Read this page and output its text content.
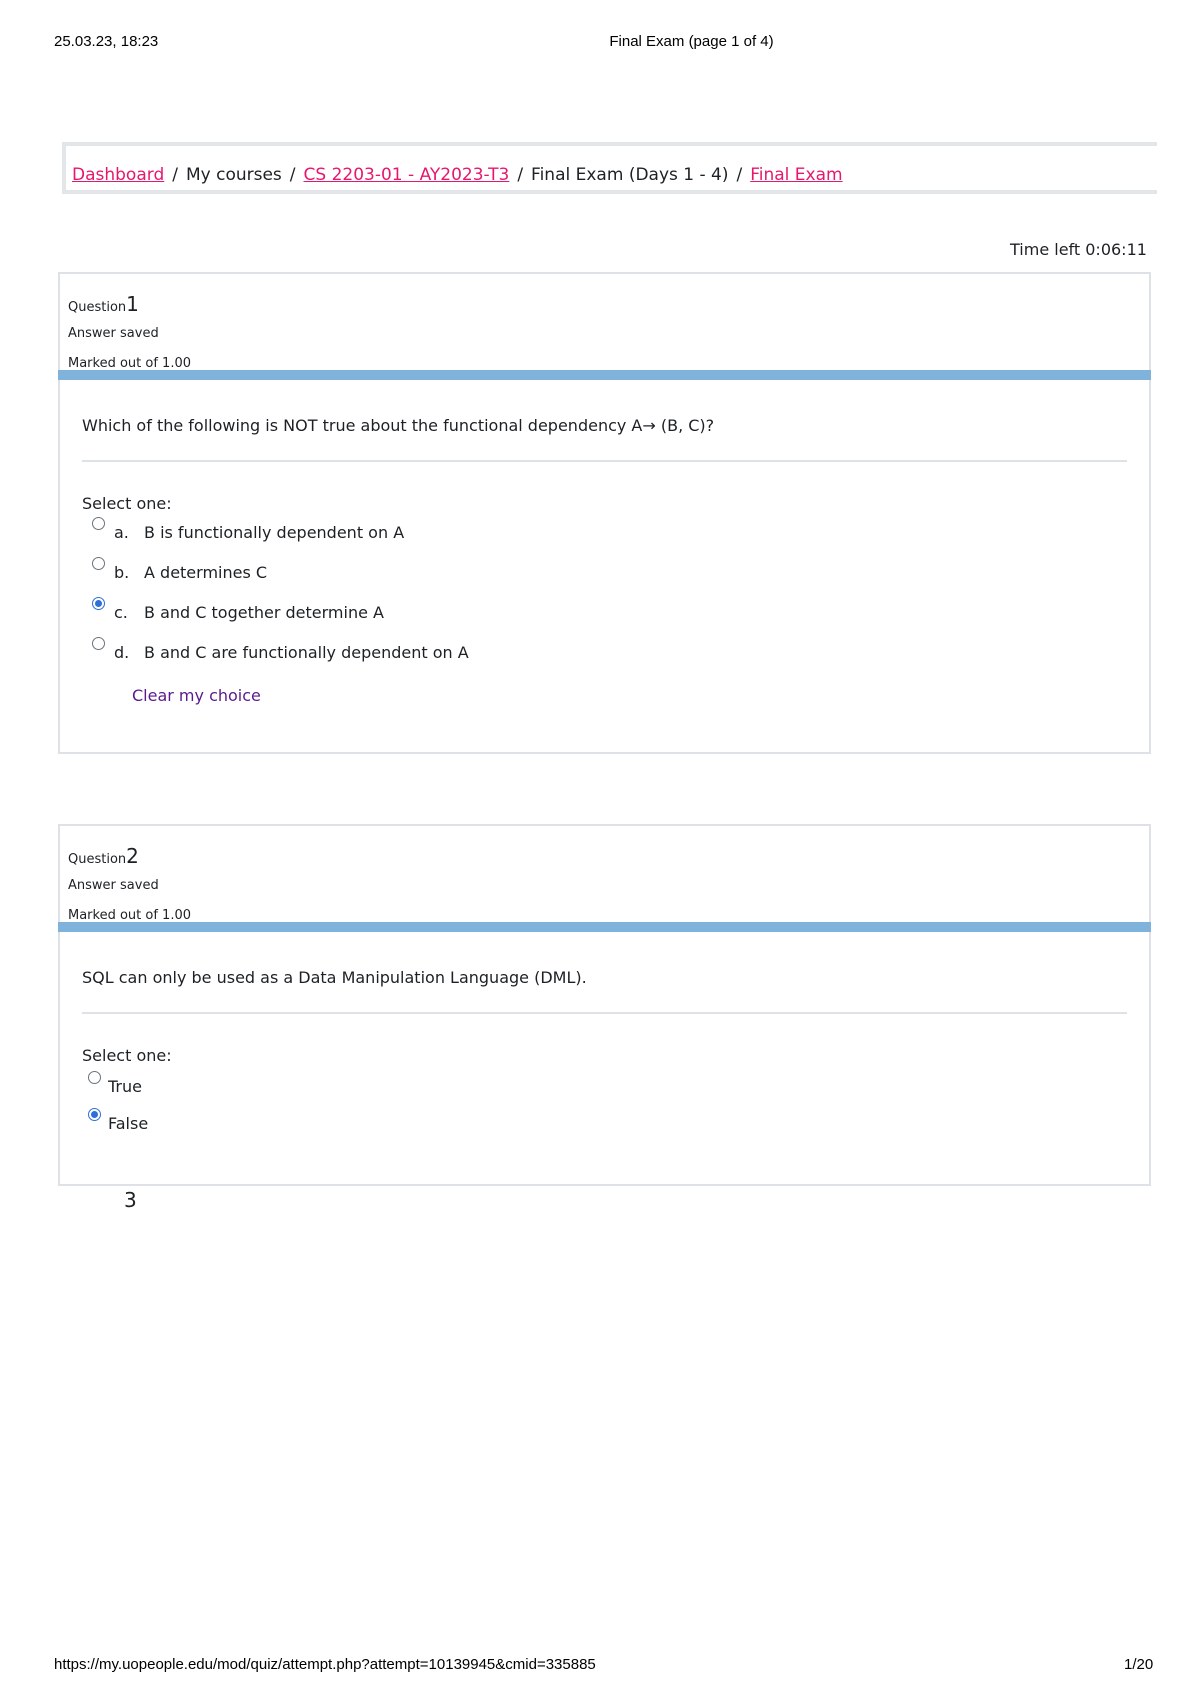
25.03.23, 18:23	Final Exam (page 1 of 4)
Dashboard / My courses / CS 2203-01 - AY2023-T3 / Final Exam (Days 1 - 4) / Final Exam
Time left 0:06:11
Question1
Answer saved
Marked out of 1.00
Which of the following is NOT true about the functional dependency A→ (B, C)?
Select one:
a. B is functionally dependent on A
b. A determines C
c. B and C together determine A
d. B and C are functionally dependent on A
Clear my choice
Question2
Answer saved
Marked out of 1.00
SQL can only be used as a Data Manipulation Language (DML).
Select one:
True
False
3
https://my.uopeople.edu/mod/quiz/attempt.php?attempt=10139945&cmid=335885	1/20
